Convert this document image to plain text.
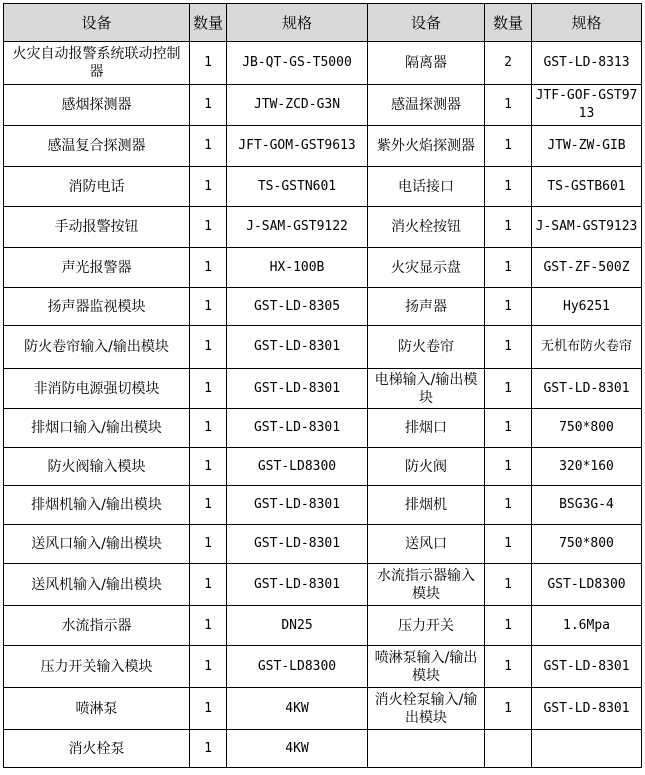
设备	数量	规格	设备	数量	规格
火灾自动报警系统联动控制器	1	JB-QT-GS-T5000	隔离器	2	GST-LD-8313
感烟探测器	1	JTW-ZCD-G3N	感温探测器	1	JTF-GOF-GST9713
感温复合探测器	1	JFT-GOM-GST9613	紫外火焰探测器	1	JTW-ZW-GIB
消防电话	1	TS-GSTN601	电话接口	1	TS-GSTB601
手动报警按钮	1	J-SAM-GST9122	消火栓按钮	1	J-SAM-GST9123
声光报警器	1	HX-100B	火灾显示盘	1	GST-ZF-500Z
扬声器监视模块	1	GST-LD-8305	扬声器	1	Hy6251
防火卷帘输入/输出模块	1	GST-LD-8301	防火卷帘	1	无机布防火卷帘
非消防电源强切模块	1	GST-LD-8301	电梯输入/输出模块	1	GST-LD-8301
排烟口输入/输出模块	1	GST-LD-8301	排烟口	1	750*800
防火阀输入模块	1	GST-LD8300	防火阀	1	320*160
排烟机输入/输出模块	1	GST-LD-8301	排烟机	1	BSG3G-4
送风口输入/输出模块	1	GST-LD-8301	送风口	1	750*800
送风机输入/输出模块	1	GST-LD-8301	水流指示器输入模块	1	GST-LD8300
水流指示器	1	DN25	压力开关	1	1.6Mpa
压力开关输入模块	1	GST-LD8300	喷淋泵输入/输出模块	1	GST-LD-8301
喷淋泵	1	4KW	消火栓泵输入/输出模块	1	GST-LD-8301
消火栓泵	1	4KW			
